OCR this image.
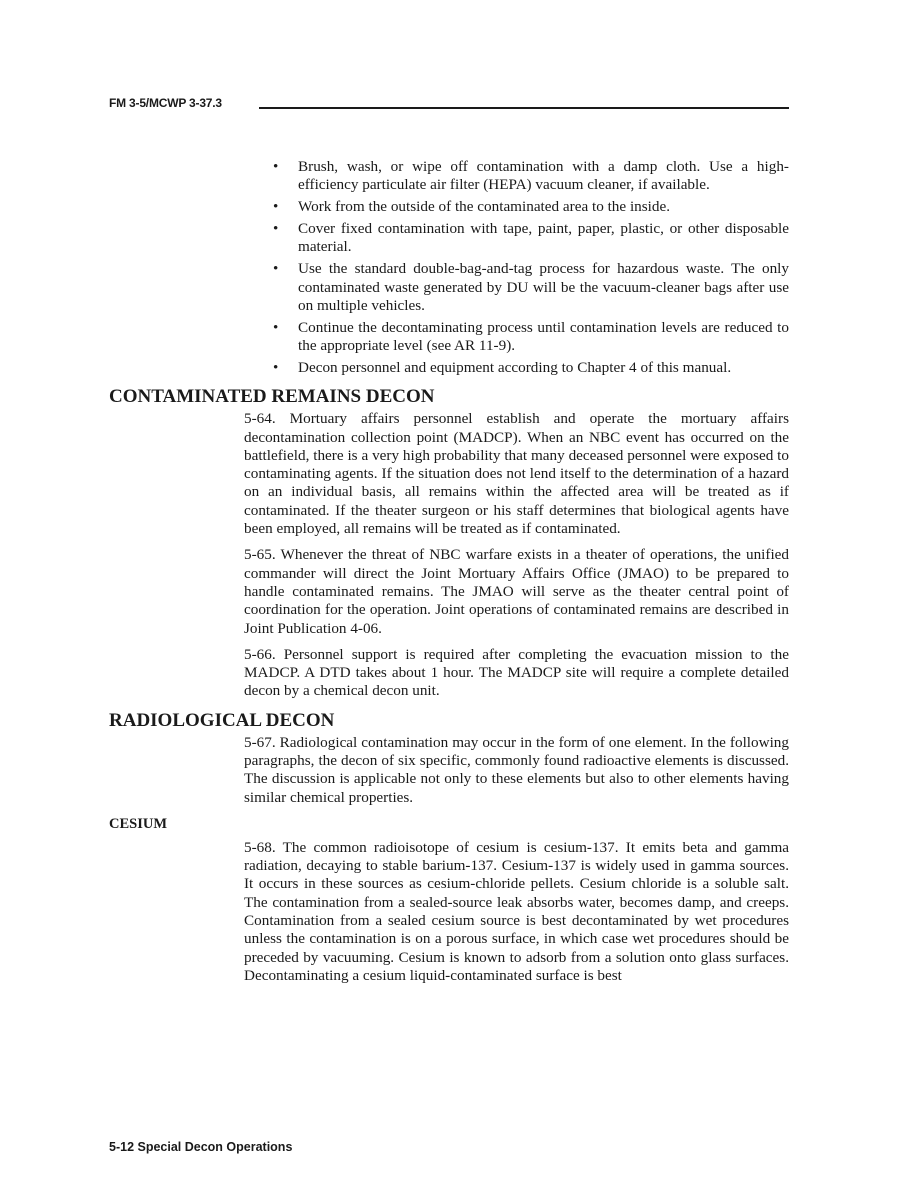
FM 3-5/MCWP 3-37.3
• Brush, wash, or wipe off contamination with a damp cloth. Use a high-efficiency particulate air filter (HEPA) vacuum cleaner, if available.
• Work from the outside of the contaminated area to the inside.
• Cover fixed contamination with tape, paint, paper, plastic, or other disposable material.
• Use the standard double-bag-and-tag process for hazardous waste. The only contaminated waste generated by DU will be the vacuum-cleaner bags after use on multiple vehicles.
• Continue the decontaminating process until contamination levels are reduced to the appropriate level (see AR 11-9).
• Decon personnel and equipment according to Chapter 4 of this manual.
CONTAMINATED REMAINS DECON

5-64. Mortuary affairs personnel establish and operate the mortuary affairs decontamination collection point (MADCP). When an NBC event has occurred on the battlefield, there is a very high probability that many deceased personnel were exposed to contaminating agents. If the situation does not lend itself to the determination of a hazard on an individual basis, all remains within the affected area will be treated as if contaminated. If the theater surgeon or his staff determines that biological agents have been employed, all remains will be treated as if contaminated.

5-65. Whenever the threat of NBC warfare exists in a theater of operations, the unified commander will direct the Joint Mortuary Affairs Office (JMAO) to be prepared to handle contaminated remains. The JMAO will serve as the theater central point of coordination for the operation. Joint operations of contaminated remains are described in Joint Publication 4-06.

5-66. Personnel support is required after completing the evacuation mission to the MADCP. A DTD takes about 1 hour. The MADCP site will require a complete detailed decon by a chemical decon unit.

RADIOLOGICAL DECON

5-67. Radiological contamination may occur in the form of one element. In the following paragraphs, the decon of six specific, commonly found radioactive elements is discussed. The discussion is applicable not only to these elements but also to other elements having similar chemical properties.

CESIUM

5-68. The common radioisotope of cesium is cesium-137. It emits beta and gamma radiation, decaying to stable barium-137. Cesium-137 is widely used in gamma sources. It occurs in these sources as cesium-chloride pellets. Cesium chloride is a soluble salt. The contamination from a sealed-source leak absorbs water, becomes damp, and creeps. Contamination from a sealed cesium source is best decontaminated by wet procedures unless the contamination is on a porous surface, in which case wet procedures should be preceded by vacuuming. Cesium is known to adsorb from a solution onto glass surfaces. Decontaminating a cesium liquid-contaminated surface is best

5-12 Special Decon Operations
